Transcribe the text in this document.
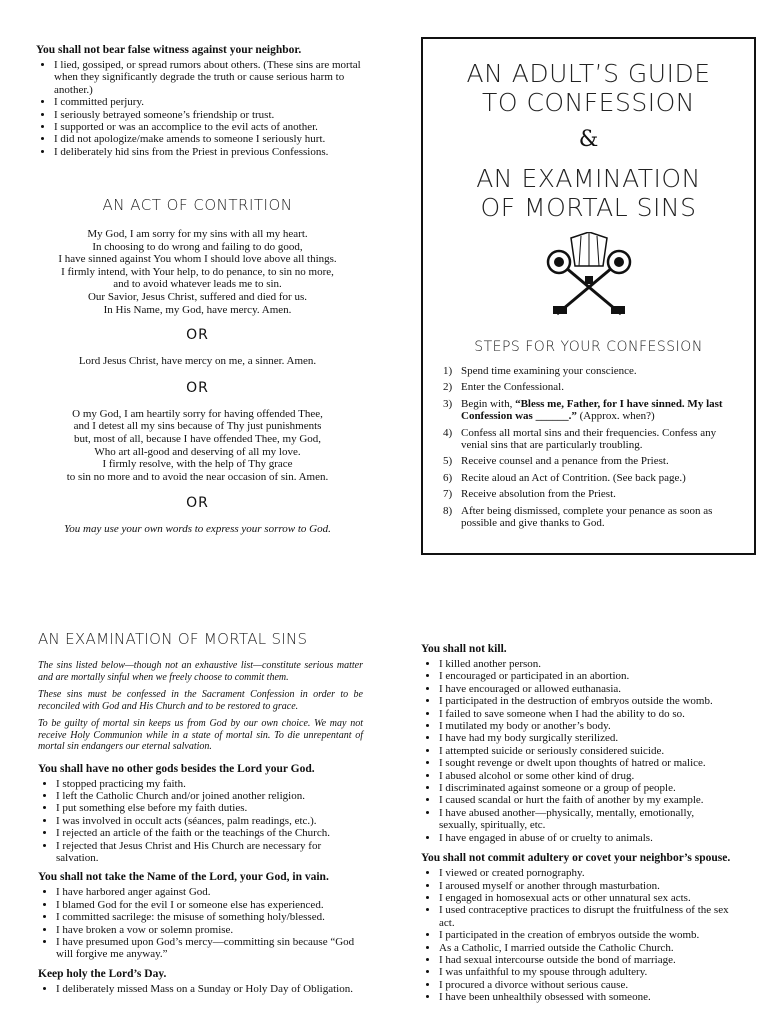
You shall not bear false witness against your neighbor.

• I lied, gossiped, or spread rumors about others. (These sins are mortal when they significantly degrade the truth or cause serious harm to another.)
• I committed perjury.
• I seriously betrayed someone’s friendship or trust.
• I supported or was an accomplice to the evil acts of another.
• I did not apologize/make amends to someone I seriously hurt.
• I deliberately hid sins from the Priest in previous Confessions.
AN ACT OF CONTRITION

My God, I am sorry for my sins with all my heart.

In choosing to do wrong and failing to do good,

I have sinned against You whom I should love above all things.

I firmly intend, with Your help, to do penance, to sin no more,

and to avoid whatever leads me to sin.

Our Savior, Jesus Christ, suffered and died for us.

In His Name, my God, have mercy. Amen.

OR

Lord Jesus Christ, have mercy on me, a sinner. Amen.

OR

O my God, I am heartily sorry for having offended Thee,

and I detest all my sins because of Thy just punishments

but, most of all, because I have offended Thee, my God,

Who art all-good and deserving of all my love.

I firmly resolve, with the help of Thy grace

to sin no more and to avoid the near occasion of sin. Amen.

OR

You may use your own words to express your sorrow to God.

AN ADULT’S GUIDE
TO CONFESSION
&
AN EXAMINATION
OF MORTAL SINS
STEPS FOR YOUR CONFESSION
1) Spend time examining your conscience.
2) Enter the Confessional.
3) Begin with, “Bless me, Father, for I have sinned. My last Confession was ______.” (Approx. when?)
4) Confess all mortal sins and their frequencies. Confess any venial sins that are particularly troubling.
5) Receive counsel and a penance from the Priest.
6) Recite aloud an Act of Contrition. (See back page.)
7) Receive absolution from the Priest.
8) After being dismissed, complete your penance as soon as possible and give thanks to God.
AN EXAMINATION OF MORTAL SINS

The sins listed below—though not an exhaustive list—constitute serious matter and are mortally sinful when we freely choose to commit them.

These sins must be confessed in the Sacrament Confession in order to be reconciled with God and His Church and to be restored to grace.

To be guilty of mortal sin keeps us from God by our own choice. We may not receive Holy Communion while in a state of mortal sin. To die unrepentant of mortal sin endangers our eternal salvation.

You shall have no other gods besides the Lord your God.

• I stopped practicing my faith.
• I left the Catholic Church and/or joined another religion.
• I put something else before my faith duties.
• I was involved in occult acts (séances, palm readings, etc.).
• I rejected an article of the faith or the teachings of the Church.
• I rejected that Jesus Christ and His Church are necessary for salvation.

You shall not take the Name of the Lord, your God, in vain.

• I have harbored anger against God.
• I blamed God for the evil I or someone else has experienced.
• I committed sacrilege: the misuse of something holy/blessed.
• I have broken a vow or solemn promise.
• I have presumed upon God’s mercy—committing sin because “God will forgive me anyway.”

Keep holy the Lord’s Day.

• I deliberately missed Mass on a Sunday or Holy Day of Obligation.

You shall not kill.

• I killed another person.
• I encouraged or participated in an abortion.
• I have encouraged or allowed euthanasia.
• I participated in the destruction of embryos outside the womb.
• I failed to save someone when I had the ability to do so.
• I mutilated my body or another’s body.
• I have had my body surgically sterilized.
• I attempted suicide or seriously considered suicide.
• I sought revenge or dwelt upon thoughts of hatred or malice.
• I abused alcohol or some other kind of drug.
• I discriminated against someone or a group of people.
• I caused scandal or hurt the faith of another by my example.
• I have abused another—physically, mentally, emotionally, sexually, spiritually, etc.
• I have engaged in abuse of or cruelty to animals.

You shall not commit adultery or covet your neighbor’s spouse.

• I viewed or created pornography.
• I aroused myself or another through masturbation.
• I engaged in homosexual acts or other unnatural sex acts.
• I used contraceptive practices to disrupt the fruitfulness of the sex act.
• I participated in the creation of embryos outside the womb.
• As a Catholic, I married outside the Catholic Church.
• I had sexual intercourse outside the bond of marriage.
• I was unfaithful to my spouse through adultery.
• I procured a divorce without serious cause.
• I have been unhealthily obsessed with someone.
